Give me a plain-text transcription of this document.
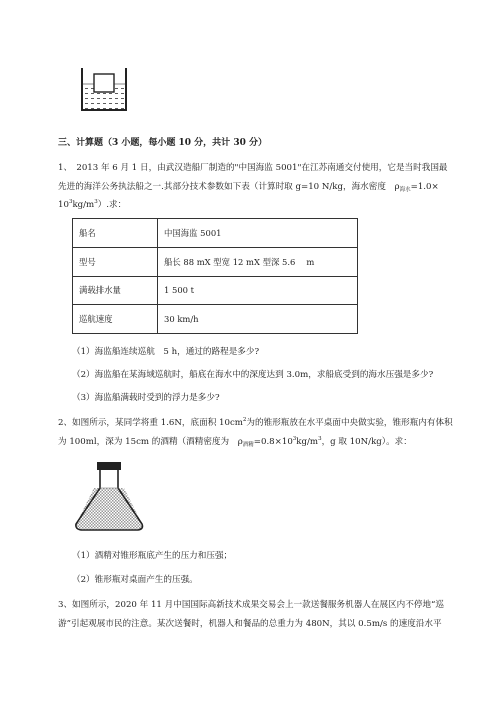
三、计算题（3 小题，每小题 10 分，共计 30 分）
1、　2013 年 6 月 1 日，由武汉造船厂制造的"中国海监 5001"在江苏南通交付使用，它是当时我国最
先进的海洋公务执法船之一.其部分技术参数如下表（计算时取 g=10 N/kg，海水密度　$\rho_{海水}=1.0\times$
$10^3kg/m^3$）.求：
船名	中国海监 5001
型号	船长 88 mX 型宽 12 mX 型深 5.6　 m
满载排水量	1 500 t
巡航速度	30 km/h
（1）海监船连续巡航　5 h，通过的路程是多少?
（2）海监船在某海域巡航时，船底在海水中的深度达到 3.0m，求船底受到的海水压强是多少?
（3）海监船满载时受到的浮力是多少?
2、如图所示，某同学将重 1.6N，底面积 $10cm^2$为的锥形瓶放在水平桌面中央做实验，锥形瓶内有体积
为 100ml，深为 15cm 的酒精（酒精密度为　$\rho_{酒精}=0.8\times 10^3kg/m^3$，g 取 10N/kg）。求：
（1）酒精对锥形瓶底产生的压力和压强；
（2）锥形瓶对桌面产生的压强。
3、如图所示，2020 年 11 月中国国际高新技术成果交易会上一款送餐服务机器人在展区内不停地“巡
游”引起观展市民的注意。某次送餐时，机器人和餐品的总重力为 480N，其以 0.5m/s 的速度沿水平
